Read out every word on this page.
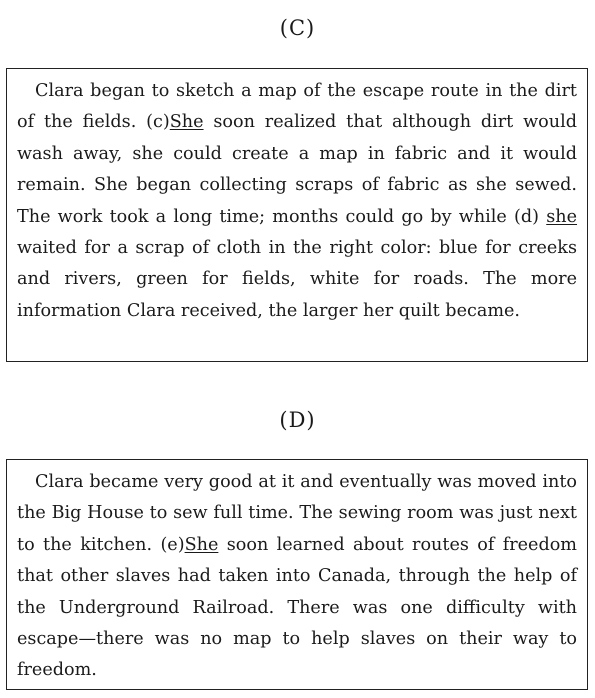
(C)

Clara began to sketch a map of the escape route in the dirt of the fields. (c)She soon realized that although dirt would wash away, she could create a map in fabric and it would remain. She began collecting scraps of fabric as she sewed. The work took a long time; months could go by while (d) she waited for a scrap of cloth in the right color: blue for creeks and rivers, green for fields, white for roads. The more information Clara received, the larger her quilt became.

(D)

Clara became very good at it and eventually was moved into the Big House to sew full time. The sewing room was just next to the kitchen. (e)She soon learned about routes of freedom that other slaves had taken into Canada, through the help of the Underground Railroad. There was one difficulty with escape—there was no map to help slaves on their way to freedom.
